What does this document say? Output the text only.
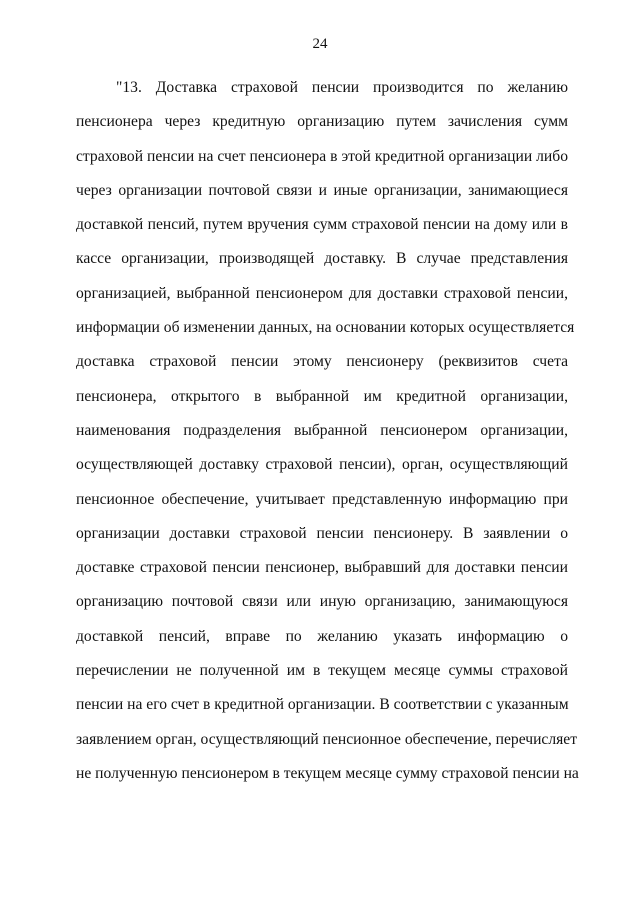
24
"13. Доставка страховой пенсии производится по желанию
пенсионера через кредитную организацию путем зачисления сумм
страховой пенсии на счет пенсионера в этой кредитной организации либо
через организации почтовой связи и иные организации, занимающиеся
доставкой пенсий, путем вручения сумм страховой пенсии на дому или в
кассе организации, производящей доставку. В случае представления
организацией, выбранной пенсионером для доставки страховой пенсии,
информации об изменении данных, на основании которых осуществляется
доставка страховой пенсии этому пенсионеру (реквизитов счета
пенсионера, открытого в выбранной им кредитной организации,
наименования подразделения выбранной пенсионером организации,
осуществляющей доставку страховой пенсии), орган, осуществляющий
пенсионное обеспечение, учитывает представленную информацию при
организации доставки страховой пенсии пенсионеру. В заявлении о
доставке страховой пенсии пенсионер, выбравший для доставки пенсии
организацию почтовой связи или иную организацию, занимающуюся
доставкой пенсий, вправе по желанию указать информацию о
перечислении не полученной им в текущем месяце суммы страховой
пенсии на его счет в кредитной организации. В соответствии с указанным
заявлением орган, осуществляющий пенсионное обеспечение, перечисляет
не полученную пенсионером в текущем месяце сумму страховой пенсии на
